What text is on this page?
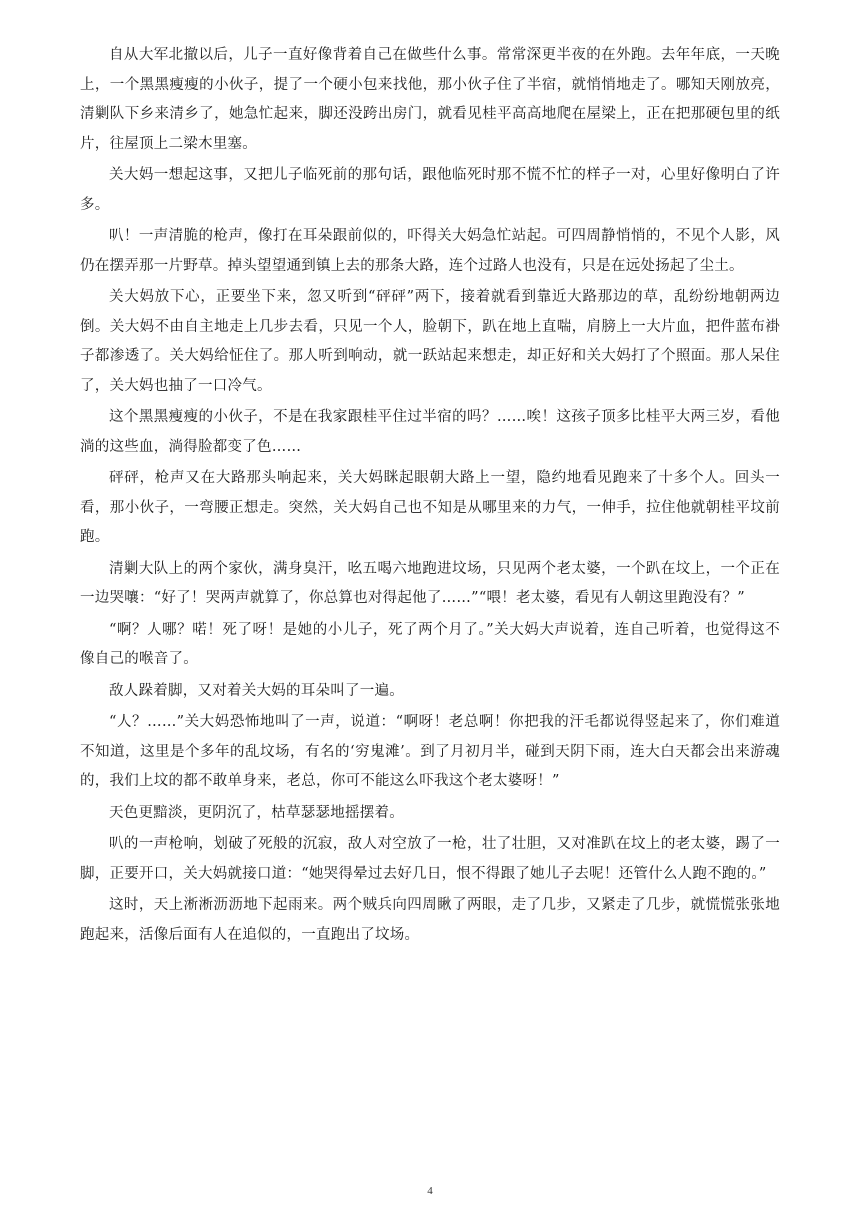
自从大军北撤以后，儿子一直好像背着自己在做些什么事。常常深更半夜的在外跑。去年年底，一天晚上，一个黑黑瘦瘦的小伙子，提了一个硬小包来找他，那小伙子住了半宿，就悄悄地走了。哪知天刚放亮，清剿队下乡来清乡了，她急忙起来，脚还没跨出房门，就看见桂平高高地爬在屋梁上，正在把那硬包里的纸片，往屋顶上二梁木里塞。

关大妈一想起这事，又把儿子临死前的那句话，跟他临死时那不慌不忙的样子一对，心里好像明白了许多。

叭！一声清脆的枪声，像打在耳朵跟前似的，吓得关大妈急忙站起。可四周静悄悄的，不见个人影，风仍在摆弄那一片野草。掉头望望通到镇上去的那条大路，连个过路人也没有，只是在远处扬起了尘土。

关大妈放下心，正要坐下来，忽又听到“砰砰”两下，接着就看到靠近大路那边的草，乱纷纷地朝两边倒。关大妈不由自主地走上几步去看，只见一个人，脸朝下，趴在地上直喘，肩膀上一大片血，把件蓝布褂子都渗透了。关大妈给怔住了。那人听到响动，就一跃站起来想走，却正好和关大妈打了个照面。那人呆住了，关大妈也抽了一口冷气。

这个黑黑瘦瘦的小伙子，不是在我家跟桂平住过半宿的吗？……唉！这孩子顶多比桂平大两三岁，看他淌的这些血，淌得脸都变了色……

砰砰，枪声又在大路那头响起来，关大妈眯起眼朝大路上一望，隐约地看见跑来了十多个人。回头一看，那小伙子，一弯腰正想走。突然，关大妈自己也不知是从哪里来的力气，一伸手，拉住他就朝桂平坟前跑。

清剿大队上的两个家伙，满身臭汗，吆五喝六地跑进坟场，只见两个老太婆，一个趴在坟上，一个正在一边哭嚷：“好了！哭两声就算了，你总算也对得起他了……”“喂！老太婆，看见有人朝这里跑没有？”

“啊？人哪？喏！死了呀！是她的小儿子，死了两个月了。”关大妈大声说着，连自己听着，也觉得这不像自己的喉音了。

敌人跺着脚，又对着关大妈的耳朵叫了一遍。

“人？……”关大妈恐怖地叫了一声，说道：“啊呀！老总啊！你把我的汗毛都说得竖起来了，你们难道不知道，这里是个多年的乱坟场，有名的‘穷鬼滩’。到了月初月半，碰到天阴下雨，连大白天都会出来游魂的，我们上坟的都不敢单身来，老总，你可不能这么吓我这个老太婆呀！”

天色更黯淡，更阴沉了，枯草瑟瑟地摇摆着。

叭的一声枪响，划破了死般的沉寂，敌人对空放了一枪，壮了壮胆，又对准趴在坟上的老太婆，踢了一脚，正要开口，关大妈就接口道：“她哭得晕过去好几日，恨不得跟了她儿子去呢！还管什么人跑不跑的。”

这时，天上淅淅沥沥地下起雨来。两个贼兵向四周瞅了两眼，走了几步，又紧走了几步，就慌慌张张地跑起来，活像后面有人在追似的，一直跑出了坟场。

4
